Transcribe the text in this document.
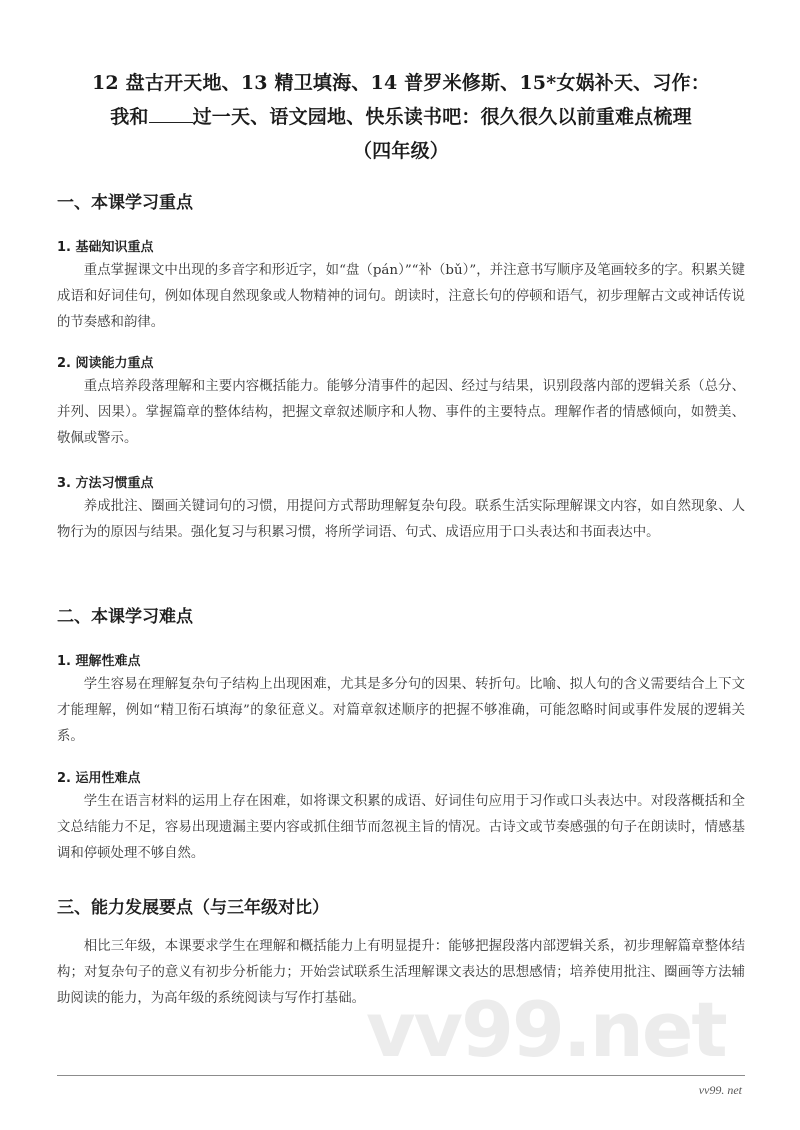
vv99.net
12 盘古开天地、13 精卫填海、14 普罗米修斯、15*女娲补天、习作：
我和 过一天、语文园地、快乐读书吧：很久很久以前重难点梳理
（四年级）
一、本课学习重点
1. 基础知识重点
重点掌握课文中出现的多音字和形近字，如“盘（pán）”“补（bǔ）”，并注意书写顺序及笔画较多的字。积累关键成语和好词佳句，例如体现自然现象或人物精神的词句。朗读时，注意长句的停顿和语气，初步理解古文或神话传说的节奏感和韵律。
2. 阅读能力重点
重点培养段落理解和主要内容概括能力。能够分清事件的起因、经过与结果，识别段落内部的逻辑关系（总分、并列、因果）。掌握篇章的整体结构，把握文章叙述顺序和人物、事件的主要特点。理解作者的情感倾向，如赞美、敬佩或警示。
3. 方法习惯重点
养成批注、圈画关键词句的习惯，用提问方式帮助理解复杂句段。联系生活实际理解课文内容，如自然现象、人物行为的原因与结果。强化复习与积累习惯，将所学词语、句式、成语应用于口头表达和书面表达中。
二、本课学习难点
1. 理解性难点
学生容易在理解复杂句子结构上出现困难，尤其是多分句的因果、转折句。比喻、拟人句的含义需要结合上下文才能理解，例如“精卫衔石填海”的象征意义。对篇章叙述顺序的把握不够准确，可能忽略时间或事件发展的逻辑关系。
2. 运用性难点
学生在语言材料的运用上存在困难，如将课文积累的成语、好词佳句应用于习作或口头表达中。对段落概括和全文总结能力不足，容易出现遗漏主要内容或抓住细节而忽视主旨的情况。古诗文或节奏感强的句子在朗读时，情感基调和停顿处理不够自然。
三、能力发展要点（与三年级对比）
相比三年级，本课要求学生在理解和概括能力上有明显提升：能够把握段落内部逻辑关系，初步理解篇章整体结构；对复杂句子的意义有初步分析能力；开始尝试联系生活理解课文表达的思想感情；培养使用批注、圈画等方法辅助阅读的能力，为高年级的系统阅读与写作打基础。
vv99. net
